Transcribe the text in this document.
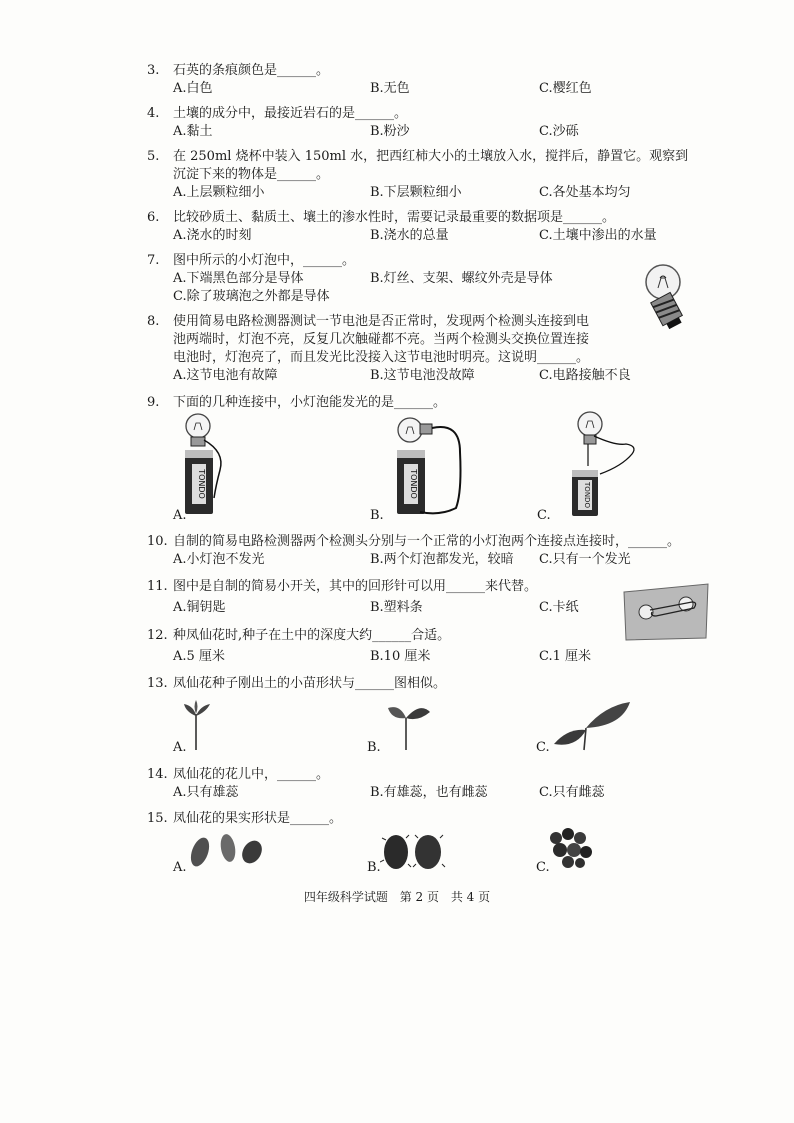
3.	石英的条痕颜色是______。
A.白色	B.无色	C.樱红色
4.	土壤的成分中，最接近岩石的是______。
A.黏土	B.粉沙	C.沙砾
5.	在 250ml 烧杯中装入 150ml 水，把西红柿大小的土壤放入水，搅拌后，静置它。观察到
沉淀下来的物体是______。
A.上层颗粒细小	B.下层颗粒细小	C.各处基本均匀
6.	比较砂质土、黏质土、壤土的渗水性时，需要记录最重要的数据项是______。
A.浇水的时刻	B.浇水的总量	C.土壤中渗出的水量
7.	图中所示的小灯泡中，______。
A.下端黑色部分是导体	B.灯丝、支架、螺纹外壳是导体
C.除了玻璃泡之外都是导体
8.	使用简易电路检测器测试一节电池是否正常时，发现两个检测头连接到电
池两端时，灯泡不亮，反复几次触碰都不亮。当两个检测头交换位置连接
电池时，灯泡亮了，而且发光比没接入这节电池时明亮。这说明______。
A.这节电池有故障	B.这节电池没故障	C.电路接触不良
9.	下面的几种连接中，小灯泡能发光的是______。
TONDO
A.
TONDO
B.
TONDO
C.
10. 自制的简易电路检测器两个检测头分别与一个正常的小灯泡两个连接点连接时，______。
A.小灯泡不发光	B.两个灯泡都发光，较暗 C.只有一个发光
11. 图中是自制的简易小开关，其中的回形针可以用______来代替。
A.铜钥匙	B.塑料条	C.卡纸
12. 种凤仙花时,种子在土中的深度大约______合适。
A.5 厘米	B.10 厘米	C.1 厘米
13. 凤仙花种子刚出土的小苗形状与______图相似。
A.	B.	C.
14. 凤仙花的花儿中，______。
A.只有雄蕊	B.有雄蕊，也有雌蕊	C.只有雌蕊
15. 凤仙花的果实形状是______。
A.	B.	C.
四年级科学试题 第 2 页 共 4 页
